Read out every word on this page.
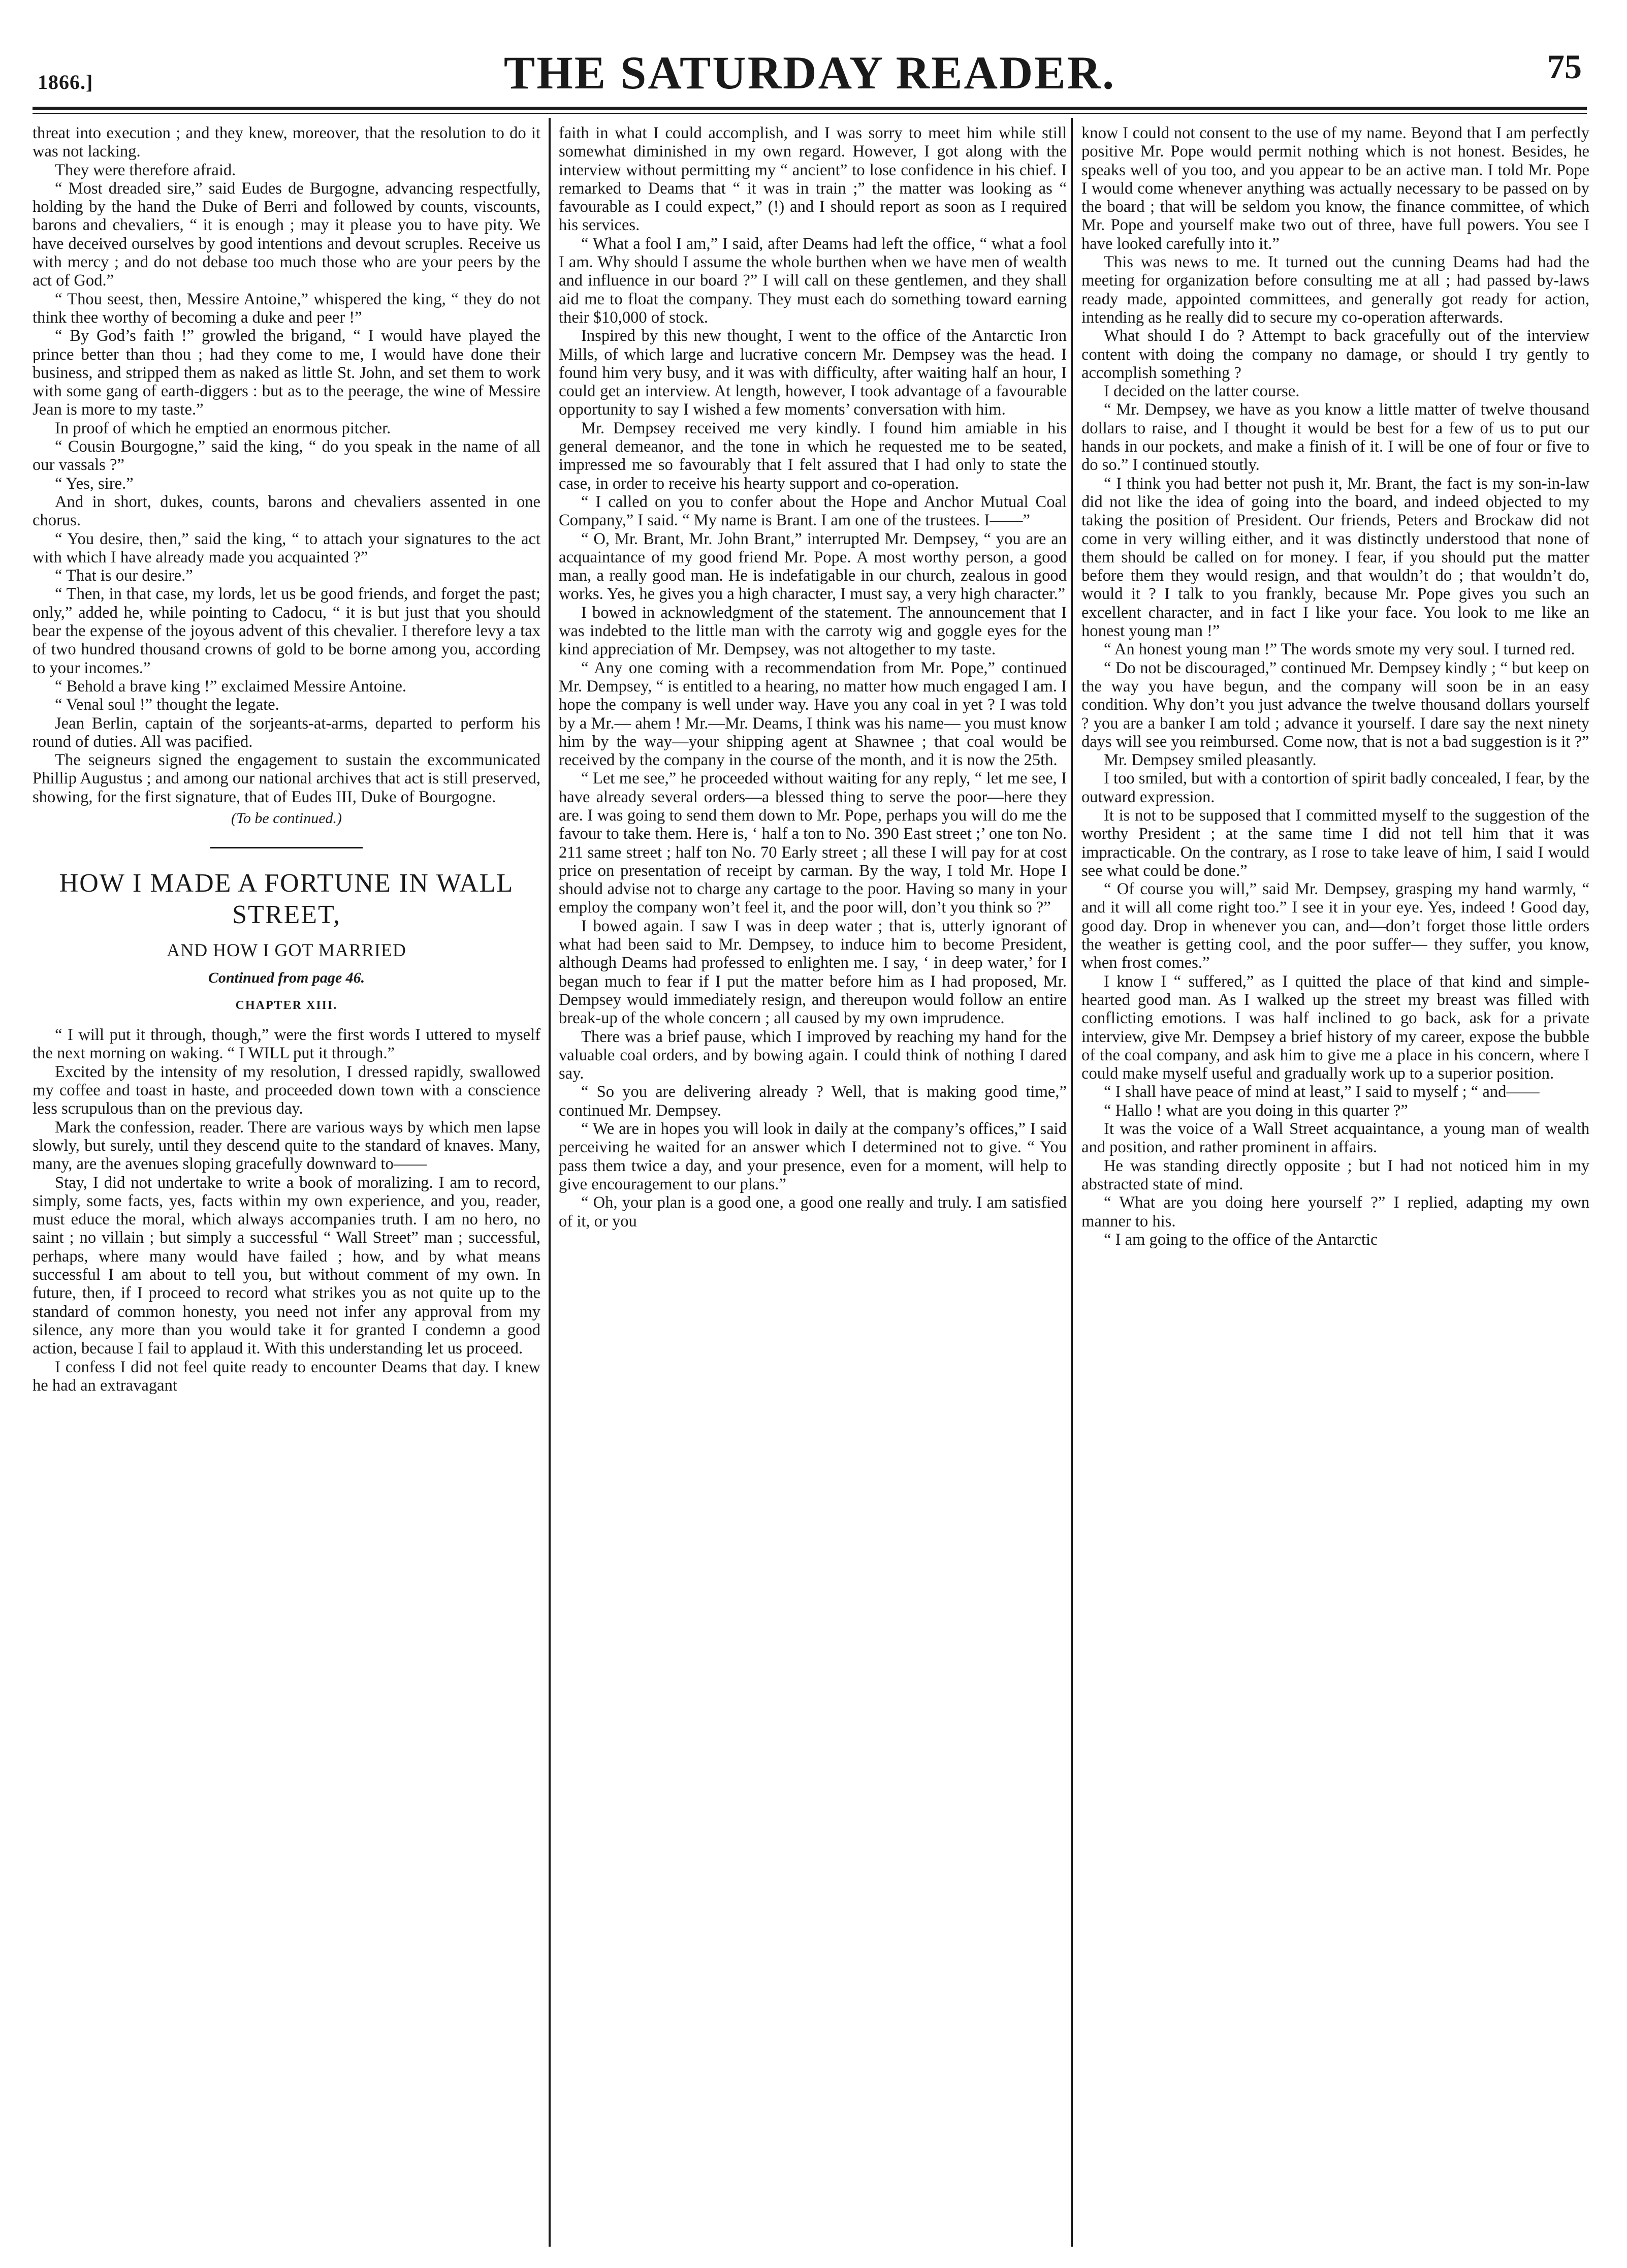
1866.]	THE SATURDAY READER.	75

threat into execution ; and they knew, moreover, that the resolution to do it was not lacking.

They were therefore afraid.

“ Most dreaded sire,” said Eudes de Burgogne, advancing respectfully, holding by the hand the Duke of Berri and followed by counts, viscounts, barons and chevaliers, “ it is enough ; may it please you to have pity. We have deceived ourselves by good intentions and devout scruples. Receive us with mercy ; and do not debase too much those who are your peers by the act of God.”

“ Thou seest, then, Messire Antoine,” whispered the king, “ they do not think thee worthy of becoming a duke and peer !”

“ By God’s faith !” growled the brigand, “ I would have played the prince better than thou ; had they come to me, I would have done their business, and stripped them as naked as little St. John, and set them to work with some gang of earth-diggers : but as to the peerage, the wine of Messire Jean is more to my taste.”

In proof of which he emptied an enormous pitcher.

“ Cousin Bourgogne,” said the king, “ do you speak in the name of all our vassals ?”

“ Yes, sire.”

And in short, dukes, counts, barons and chevaliers assented in one chorus.

“ You desire, then,” said the king, “ to attach your signatures to the act with which I have already made you acquainted ?”

“ That is our desire.”

“ Then, in that case, my lords, let us be good friends, and forget the past; only,” added he, while pointing to Cadocu, “ it is but just that you should bear the expense of the joyous advent of this chevalier. I therefore levy a tax of two hundred thousand crowns of gold to be borne among you, according to your incomes.”

“ Behold a brave king !” exclaimed Messire Antoine.

“ Venal soul !” thought the legate.

Jean Berlin, captain of the sorjeants-at-arms, departed to perform his round of duties. All was pacified.

The seigneurs signed the engagement to sustain the excommunicated Phillip Augustus ; and among our national archives that act is still preserved, showing, for the first signature, that of Eudes III, Duke of Bourgogne.

(To be continued.)
HOW I MADE A FORTUNE IN WALL STREET,
AND HOW I GOT MARRIED
Continued from page 46.
CHAPTER XIII.

“ I will put it through, though,” were the first words I uttered to myself the next morning on waking. “ I WILL put it through.”

Excited by the intensity of my resolution, I dressed rapidly, swallowed my coffee and toast in haste, and proceeded down town with a conscience less scrupulous than on the previous day.

Mark the confession, reader. There are various ways by which men lapse slowly, but surely, until they descend quite to the standard of knaves. Many, many, are the avenues sloping gracefully downward to——

Stay, I did not undertake to write a book of moralizing. I am to record, simply, some facts, yes, facts within my own experience, and you, reader, must educe the moral, which always accompanies truth. I am no hero, no saint ; no villain ; but simply a successful “ Wall Street” man ; successful, perhaps, where many would have failed ; how, and by what means successful I am about to tell you, but without comment of my own. In future, then, if I proceed to record what strikes you as not quite up to the standard of common honesty, you need not infer any approval from my silence, any more than you would take it for granted I condemn a good action, because I fail to applaud it. With this understanding let us proceed.

I confess I did not feel quite ready to encounter Deams that day. I knew he had an extravagant

faith in what I could accomplish, and I was sorry to meet him while still somewhat diminished in my own regard. However, I got along with the interview without permitting my “ ancient” to lose confidence in his chief. I remarked to Deams that “ it was in train ;” the matter was looking as “ favourable as I could expect,” (!) and I should report as soon as I required his services.

“ What a fool I am,” I said, after Deams had left the office, “ what a fool I am. Why should I assume the whole burthen when we have men of wealth and influence in our board ?” I will call on these gentlemen, and they shall aid me to float the company. They must each do something toward earning their $10,000 of stock.

Inspired by this new thought, I went to the office of the Antarctic Iron Mills, of which large and lucrative concern Mr. Dempsey was the head. I found him very busy, and it was with difficulty, after waiting half an hour, I could get an interview. At length, however, I took advantage of a favourable opportunity to say I wished a few moments’ conversation with him.

Mr. Dempsey received me very kindly. I found him amiable in his general demeanor, and the tone in which he requested me to be seated, impressed me so favourably that I felt assured that I had only to state the case, in order to receive his hearty support and co-operation.

“ I called on you to confer about the Hope and Anchor Mutual Coal Company,” I said. “ My name is Brant. I am one of the trustees. I——”

“ O, Mr. Brant, Mr. John Brant,” interrupted Mr. Dempsey, “ you are an acquaintance of my good friend Mr. Pope. A most worthy person, a good man, a really good man. He is indefatigable in our church, zealous in good works. Yes, he gives you a high character, I must say, a very high character.”

I bowed in acknowledgment of the statement. The announcement that I was indebted to the little man with the carroty wig and goggle eyes for the kind appreciation of Mr. Dempsey, was not altogether to my taste.

“ Any one coming with a recommendation from Mr. Pope,” continued Mr. Dempsey, “ is entitled to a hearing, no matter how much engaged I am. I hope the company is well under way. Have you any coal in yet ? I was told by a Mr.— ahem ! Mr.—Mr. Deams, I think was his name— you must know him by the way—your shipping agent at Shawnee ; that coal would be received by the company in the course of the month, and it is now the 25th.

“ Let me see,” he proceeded without waiting for any reply, “ let me see, I have already several orders—a blessed thing to serve the poor—here they are. I was going to send them down to Mr. Pope, perhaps you will do me the favour to take them. Here is, ‘ half a ton to No. 390 East street ;’ one ton No. 211 same street ; half ton No. 70 Early street ; all these I will pay for at cost price on presentation of receipt by carman. By the way, I told Mr. Hope I should advise not to charge any cartage to the poor. Having so many in your employ the company won’t feel it, and the poor will, don’t you think so ?”

I bowed again. I saw I was in deep water ; that is, utterly ignorant of what had been said to Mr. Dempsey, to induce him to become President, although Deams had professed to enlighten me. I say, ‘ in deep water,’ for I began much to fear if I put the matter before him as I had proposed, Mr. Dempsey would immediately resign, and thereupon would follow an entire break-up of the whole concern ; all caused by my own imprudence.

There was a brief pause, which I improved by reaching my hand for the valuable coal orders, and by bowing again. I could think of nothing I dared say.

“ So you are delivering already ? Well, that is making good time,” continued Mr. Dempsey.

“ We are in hopes you will look in daily at the company’s offices,” I said perceiving he waited for an answer which I determined not to give. “ You pass them twice a day, and your presence, even for a moment, will help to give encouragement to our plans.”

“ Oh, your plan is a good one, a good one really and truly. I am satisfied of it, or you

know I could not consent to the use of my name. Beyond that I am perfectly positive Mr. Pope would permit nothing which is not honest. Besides, he speaks well of you too, and you appear to be an active man. I told Mr. Pope I would come whenever anything was actually necessary to be passed on by the board ; that will be seldom you know, the finance committee, of which Mr. Pope and yourself make two out of three, have full powers. You see I have looked carefully into it.”

This was news to me. It turned out the cunning Deams had had the meeting for organization before consulting me at all ; had passed by-laws ready made, appointed committees, and generally got ready for action, intending as he really did to secure my co-operation afterwards.

What should I do ? Attempt to back gracefully out of the interview content with doing the company no damage, or should I try gently to accomplish something ?

I decided on the latter course.

“ Mr. Dempsey, we have as you know a little matter of twelve thousand dollars to raise, and I thought it would be best for a few of us to put our hands in our pockets, and make a finish of it. I will be one of four or five to do so.” I continued stoutly.

“ I think you had better not push it, Mr. Brant, the fact is my son-in-law did not like the idea of going into the board, and indeed objected to my taking the position of President. Our friends, Peters and Brockaw did not come in very willing either, and it was distinctly understood that none of them should be called on for money. I fear, if you should put the matter before them they would resign, and that wouldn’t do ; that wouldn’t do, would it ? I talk to you frankly, because Mr. Pope gives you such an excellent character, and in fact I like your face. You look to me like an honest young man !”

“ An honest young man !” The words smote my very soul. I turned red.

“ Do not be discouraged,” continued Mr. Dempsey kindly ; “ but keep on the way you have begun, and the company will soon be in an easy condition. Why don’t you just advance the twelve thousand dollars yourself ? you are a banker I am told ; advance it yourself. I dare say the next ninety days will see you reimbursed. Come now, that is not a bad suggestion is it ?”

Mr. Dempsey smiled pleasantly.

I too smiled, but with a contortion of spirit badly concealed, I fear, by the outward expression.

It is not to be supposed that I committed myself to the suggestion of the worthy President ; at the same time I did not tell him that it was impracticable. On the contrary, as I rose to take leave of him, I said I would see what could be done.”

“ Of course you will,” said Mr. Dempsey, grasping my hand warmly, “ and it will all come right too.” I see it in your eye. Yes, indeed ! Good day, good day. Drop in whenever you can, and—don’t forget those little orders the weather is getting cool, and the poor suffer— they suffer, you know, when frost comes.”

I know I “ suffered,” as I quitted the place of that kind and simple-hearted good man. As I walked up the street my breast was filled with conflicting emotions. I was half inclined to go back, ask for a private interview, give Mr. Dempsey a brief history of my career, expose the bubble of the coal company, and ask him to give me a place in his concern, where I could make myself useful and gradually work up to a superior position.

“ I shall have peace of mind at least,” I said to myself ; “ and——

“ Hallo ! what are you doing in this quarter ?”

It was the voice of a Wall Street acquaintance, a young man of wealth and position, and rather prominent in affairs.

He was standing directly opposite ; but I had not noticed him in my abstracted state of mind.

“ What are you doing here yourself ?” I replied, adapting my own manner to his.

“ I am going to the office of the Antarctic
